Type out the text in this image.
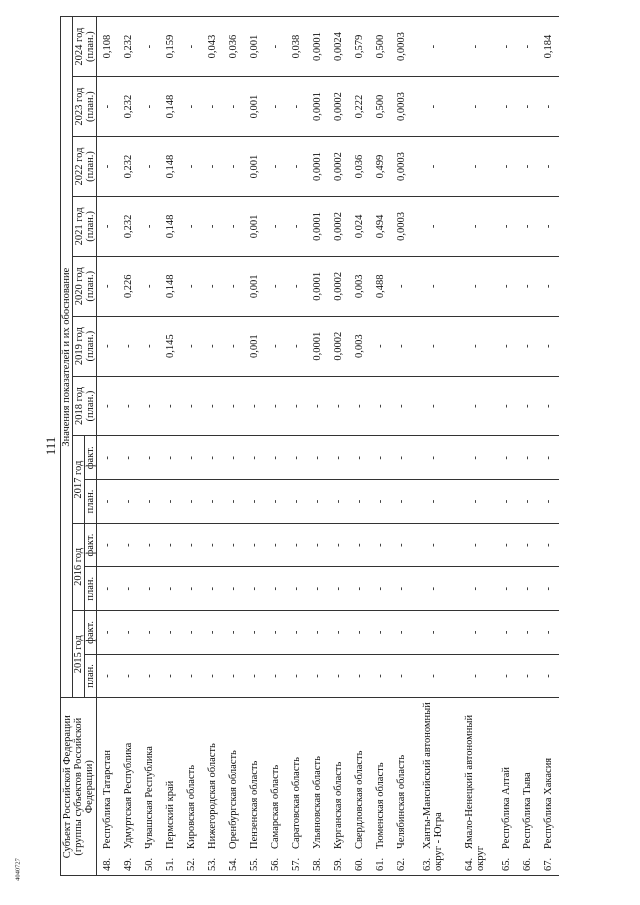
111
4040727
Субъект Российской Федерации (группы субъектов Российской Федерации)	Значения показателей и их обоснование												
	2015 год		2016 год		2017 год		2018 год (план.)	2019 год (план.)	2020 год (план.)	2021 год (план.)	2022 год (план.)	2023 год (план.)	2024 год (план.)
	план.	факт.	план.	факт.	план.	факт.							
48.Республика Татарстан	-	-	-	-	-	-	-	-	-	-	-	-	0,108
49.Удмуртская Республика	-	-	-	-	-	-	-	-	0,226	0,232	0,232	0,232	0,232
50.Чувашская Республика	-	-	-	-	-	-	-	-	-	-	-	-	-
51.Пермский край	-	-	-	-	-	-	-	0,145	0,148	0,148	0,148	0,148	0,159
52.Кировская область	-	-	-	-	-	-	-	-	-	-	-	-	-
53.Нижегородская область	-	-	-	-	-	-	-	-	-	-	-	-	0,043
54.Оренбургская область	-	-	-	-	-	-	-	-	-	-	-	-	0,036
55.Пензенская область	-	-	-	-	-	-	-	0,001	0,001	0,001	0,001	0,001	0,001
56.Самарская область	-	-	-	-	-	-	-	-	-	-	-	-	-
57.Саратовская область	-	-	-	-	-	-	-	-	-	-	-	-	0,038
58.Ульяновская область	-	-	-	-	-	-	-	0,0001	0,0001	0,0001	0,0001	0,0001	0,0001
59.Курганская область	-	-	-	-	-	-	-	0,0002	0,0002	0,0002	0,0002	0,0002	0,0024
60.Свердловская область	-	-	-	-	-	-	-	0,003	0,003	0,024	0,036	0,222	0,579
61.Тюменская область	-	-	-	-	-	-	-	-	0,488	0,494	0,499	0,500	0,500
62.Челябинская область	-	-	-	-	-	-	-	-	-	0,0003	0,0003	0,0003	0,0003
63.Ханты-Мансийский автономный округ - Югра	-	-	-	-	-	-	-	-	-	-	-	-	-
64.Ямало-Ненецкий автономный округ	-	-	-	-	-	-	-	-	-	-	-	-	-
65.Республика Алтай	-	-	-	-	-	-	-	-	-	-	-	-	-
66.Республика Тыва	-	-	-	-	-	-	-	-	-	-	-	-	-
67.Республика Хакасия	-	-	-	-	-	-	-	-	-	-	-	-	0,184
